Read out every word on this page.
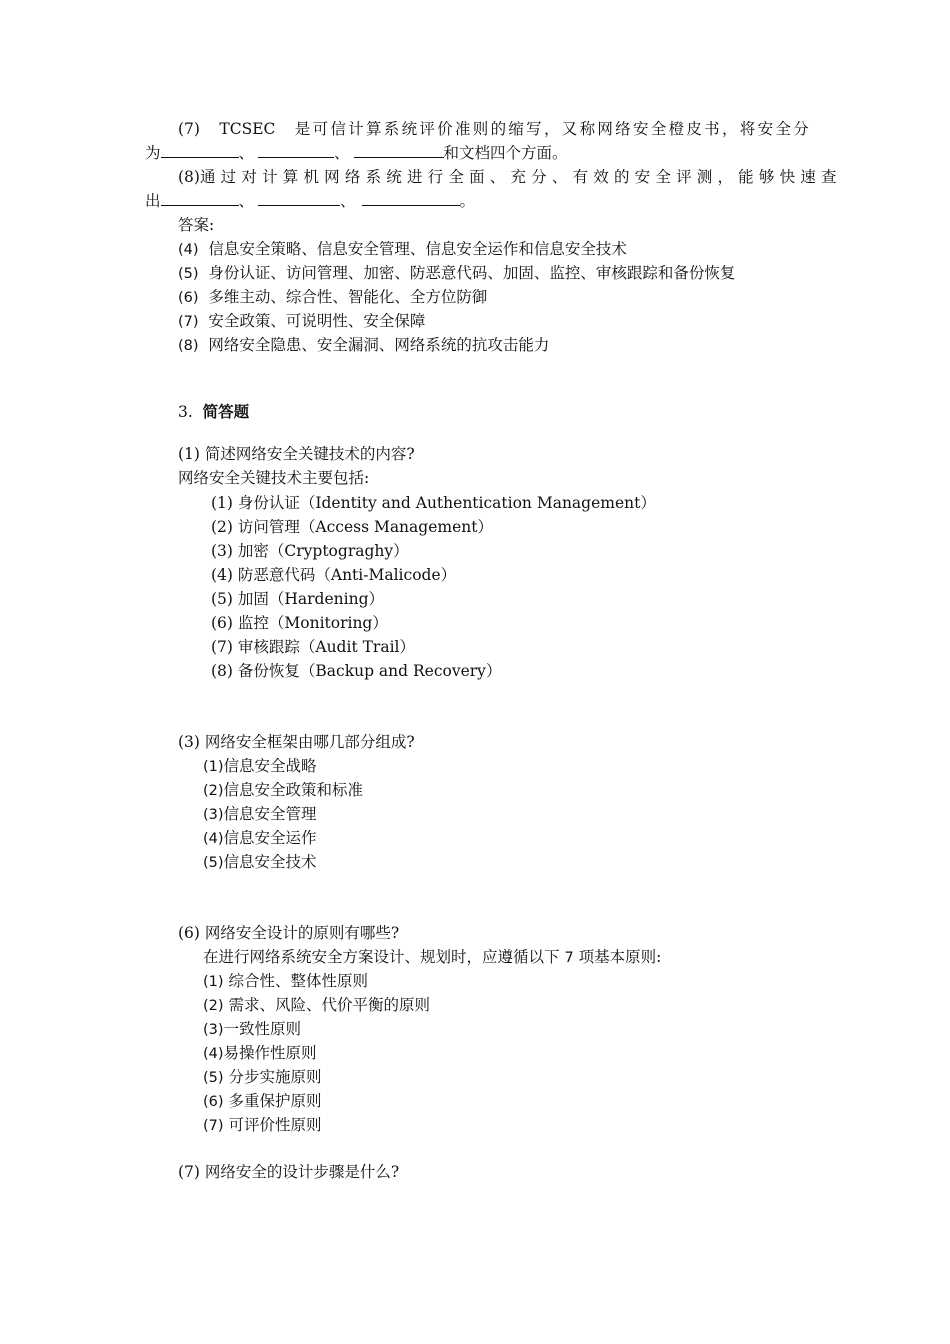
(7) TCSEC 是可信计算系统评价准则的缩写，又称网络安全橙皮书，将安全分
为	、	、	和文档四个方面。
(8)通过对计算机网络系统进行全面、充分、有效的安全评测，能够快速查
出	、	、	。
答案:
(4) 信息安全策略、信息安全管理、信息安全运作和信息安全技术
(5) 身份认证、访问管理、加密、防恶意代码、加固、监控、审核跟踪和备份恢复
(6) 多维主动、综合性、智能化、全方位防御
(7) 安全政策、可说明性、安全保障
(8) 网络安全隐患、安全漏洞、网络系统的抗攻击能力
3. 简答题
(1) 简述网络安全关键技术的内容?
网络安全关键技术主要包括:
(1) 身份认证（Identity and Authentication Management）
(2) 访问管理（Access Management）
(3) 加密（Cryptograghy）
(4) 防恶意代码（Anti-Malicode）
(5) 加固（Hardening）
(6) 监控（Monitoring）
(7) 审核跟踪（Audit Trail）
(8) 备份恢复（Backup and Recovery）
(3) 网络安全框架由哪几部分组成?
(1)信息安全战略
(2)信息安全政策和标准
(3)信息安全管理
(4)信息安全运作
(5)信息安全技术
(6) 网络安全设计的原则有哪些?
在进行网络系统安全方案设计、规划时，应遵循以下 7 项基本原则:
(1) 综合性、整体性原则
(2) 需求、风险、代价平衡的原则
(3)一致性原则
(4)易操作性原则
(5) 分步实施原则
(6) 多重保护原则
(7) 可评价性原则
(7) 网络安全的设计步骤是什么?
